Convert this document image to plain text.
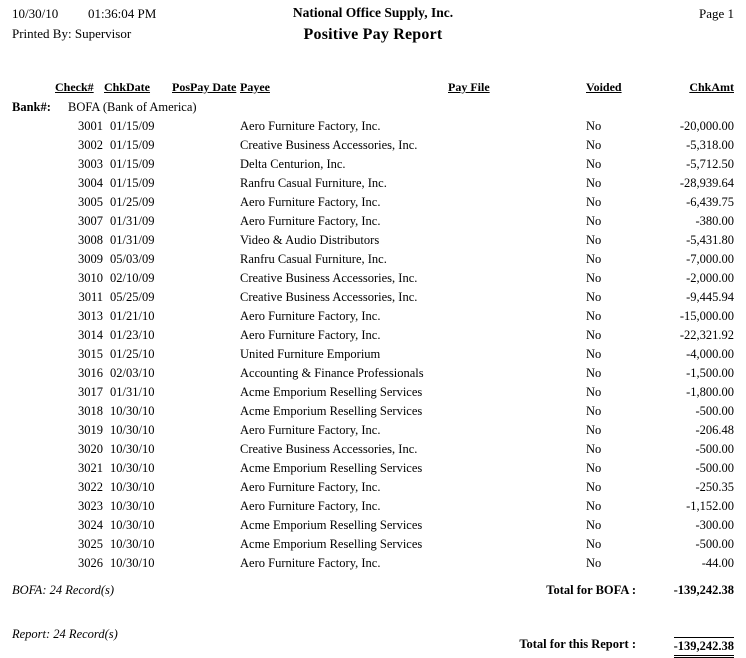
10/30/10 01:36:04 PM
Printed By: Supervisor
National Office Supply, Inc.
Positive Pay Report
Page 1
Check# ChkDate PosPay Date Payee	Pay File	Voided	ChkAmt
Bank#: BOFA (Bank of America)
3001 01/15/09	Aero Furniture Factory, Inc.	No	-20,000.00
3002 01/15/09	Creative Business Accessories, Inc.	No	-5,318.00
3003 01/15/09	Delta Centurion, Inc.	No	-5,712.50
3004 01/15/09	Ranfru Casual Furniture, Inc.	No	-28,939.64
3005 01/25/09	Aero Furniture Factory, Inc.	No	-6,439.75
3007 01/31/09	Aero Furniture Factory, Inc.	No	-380.00
3008 01/31/09	Video & Audio Distributors	No	-5,431.80
3009 05/03/09	Ranfru Casual Furniture, Inc.	No	-7,000.00
3010 02/10/09	Creative Business Accessories, Inc.	No	-2,000.00
3011 05/25/09	Creative Business Accessories, Inc.	No	-9,445.94
3013 01/21/10	Aero Furniture Factory, Inc.	No	-15,000.00
3014 01/23/10	Aero Furniture Factory, Inc.	No	-22,321.92
3015 01/25/10	United Furniture Emporium	No	-4,000.00
3016 02/03/10	Accounting & Finance Professionals	No	-1,500.00
3017 01/31/10	Acme Emporium Reselling Services	No	-1,800.00
3018 10/30/10	Acme Emporium Reselling Services	No	-500.00
3019 10/30/10	Aero Furniture Factory, Inc.	No	-206.48
3020 10/30/10	Creative Business Accessories, Inc.	No	-500.00
3021 10/30/10	Acme Emporium Reselling Services	No	-500.00
3022 10/30/10	Aero Furniture Factory, Inc.	No	-250.35
3023 10/30/10	Aero Furniture Factory, Inc.	No	-1,152.00
3024 10/30/10	Acme Emporium Reselling Services	No	-300.00
3025 10/30/10	Acme Emporium Reselling Services	No	-500.00
3026 10/30/10	Aero Furniture Factory, Inc.	No	-44.00
BOFA: 24 Record(s)	Total for BOFA :	-139,242.38
Report: 24 Record(s)
Total for this Report :	-139,242.38
